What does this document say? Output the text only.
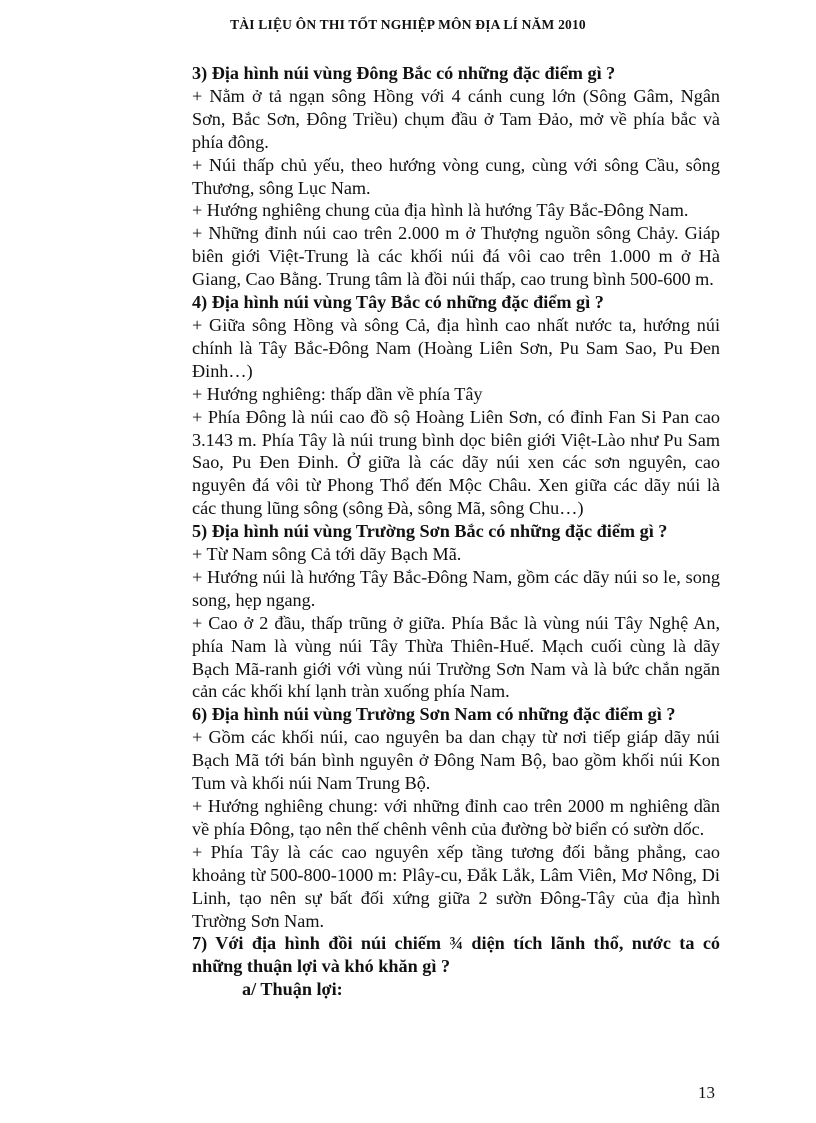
TÀI LIỆU ÔN THI TỐT NGHIỆP MÔN ĐỊA LÍ NĂM 2010

3) Địa hình núi vùng Đông Bắc có những đặc điểm gì ?

+ Nằm ở tả ngạn sông Hồng với 4 cánh cung lớn (Sông Gâm, Ngân Sơn, Bắc Sơn, Đông Triều) chụm đầu ở Tam Đảo, mở về phía bắc và phía đông.

+ Núi thấp chủ yếu, theo hướng vòng cung, cùng với sông Cầu, sông Thương, sông Lục Nam.

+ Hướng nghiêng chung của địa hình là hướng Tây Bắc-Đông Nam.

+ Những đỉnh núi cao trên 2.000 m ở Thượng nguồn sông Chảy. Giáp biên giới Việt-Trung là các khối núi đá vôi cao trên 1.000 m ở Hà Giang, Cao Bằng. Trung tâm là đồi núi thấp, cao trung bình 500-600 m.

4) Địa hình núi vùng Tây Bắc có những đặc điểm gì ?

+ Giữa sông Hồng và sông Cả, địa hình cao nhất nước ta, hướng núi chính là Tây Bắc-Đông Nam (Hoàng Liên Sơn, Pu Sam Sao, Pu Đen Đinh…)

+ Hướng nghiêng: thấp dần về phía Tây

+ Phía Đông là núi cao đồ sộ Hoàng Liên Sơn, có đỉnh Fan Si Pan cao 3.143 m. Phía Tây là núi trung bình dọc biên giới Việt-Lào như Pu Sam Sao, Pu Đen Đinh. Ở giữa là các dãy núi xen các sơn nguyên, cao nguyên đá vôi từ Phong Thổ đến Mộc Châu. Xen giữa các dãy núi là các thung lũng sông (sông Đà, sông Mã, sông Chu…)

5) Địa hình núi vùng Trường Sơn Bắc có những đặc điểm gì ?

+ Từ Nam sông Cả tới dãy Bạch Mã.

+ Hướng núi là hướng Tây Bắc-Đông Nam, gồm các dãy núi so le, song song, hẹp ngang.

+ Cao ở 2 đầu, thấp trũng ở giữa. Phía Bắc là vùng núi Tây Nghệ An, phía Nam là vùng núi Tây Thừa Thiên-Huế. Mạch cuối cùng là dãy Bạch Mã-ranh giới với vùng núi Trường Sơn Nam và là bức chắn ngăn cản các khối khí lạnh tràn xuống phía Nam.

6) Địa hình núi vùng Trường Sơn Nam có những đặc điểm gì ?

+ Gồm các khối núi, cao nguyên ba dan chạy từ nơi tiếp giáp dãy núi Bạch Mã tới bán bình nguyên ở Đông Nam Bộ, bao gồm khối núi Kon Tum và khối núi Nam Trung Bộ.

+ Hướng nghiêng chung: với những đỉnh cao trên 2000 m nghiêng dần về phía Đông, tạo nên thế chênh vênh của đường bờ biển có sườn dốc.

+ Phía Tây là các cao nguyên xếp tầng tương đối bằng phẳng, cao khoảng từ 500-800-1000 m: Plây-cu, Đắk Lắk, Lâm Viên, Mơ Nông, Di Linh, tạo nên sự bất đối xứng giữa 2 sườn Đông-Tây của địa hình Trường Sơn Nam.

7) Với địa hình đồi núi chiếm ¾ diện tích lãnh thổ, nước ta có những thuận lợi và khó khăn gì ?

a/ Thuận lợi:

13
